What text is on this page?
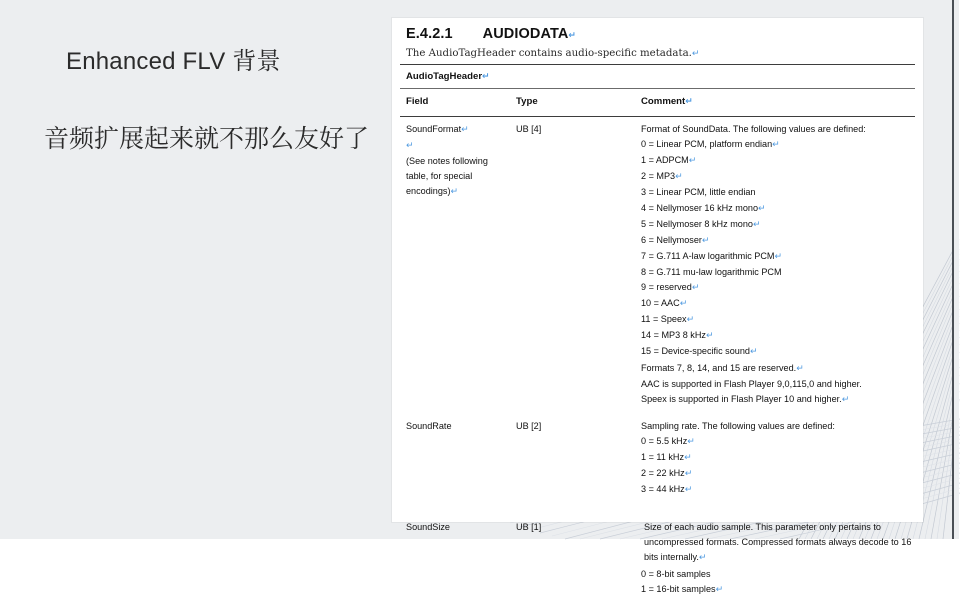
Enhanced FLV 背景
音频扩展起来就不那么友好了
E.4.2.1 AUDIODATA ↵
The AudioTagHeader contains audio-specific metadata.↵
AudioTagHeader↵
Field	Type	Comment↵
SoundFormat↵
↵
(See notes following
table, for special
encodings)↵
UB [4]	Format of SoundData. The following values are defined:
0 = Linear PCM, platform endian↵
1 = ADPCM↵
2 = MP3↵
3 = Linear PCM, little endian
4 = Nellymoser 16 kHz mono↵
5 = Nellymoser 8 kHz mono↵
6 = Nellymoser↵
7 = G.711 A-law logarithmic PCM↵
8 = G.711 mu-law logarithmic PCM
9 = reserved↵
10 = AAC↵
11 = Speex↵
14 = MP3 8 kHz↵
15 = Device-specific sound↵
Formats 7, 8, 14, and 15 are reserved.↵
AAC is supported in Flash Player 9,0,115,0 and higher.
Speex is supported in Flash Player 10 and higher.↵
SoundRate	UB [2]	Sampling rate. The following values are defined:
0 = 5.5 kHz↵
1 = 11 kHz↵
2 = 22 kHz↵
3 = 44 kHz↵
SoundSize	UB [1]	Size of each audio sample. This parameter only pertains to uncompressed formats. Compressed formats always decode to 16 bits internally.↵
0 = 8-bit samples
1 = 16-bit samples↵
